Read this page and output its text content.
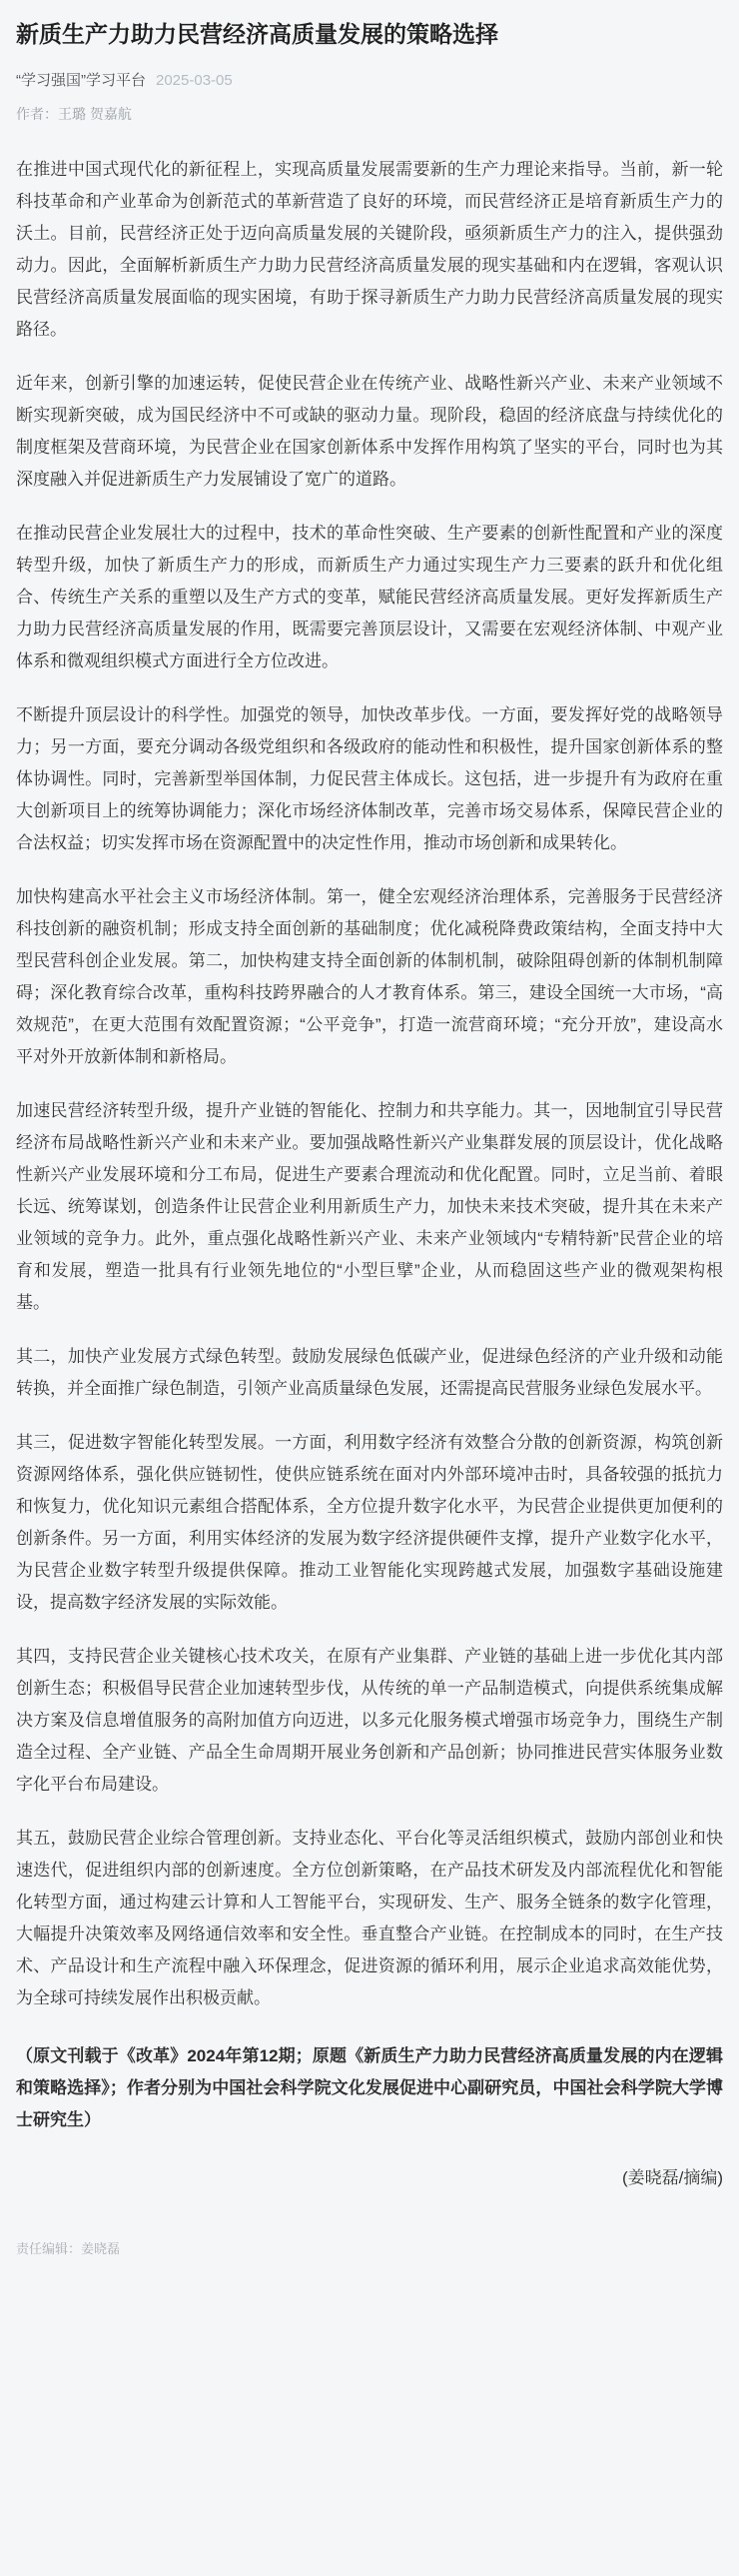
新质生产力助力民营经济高质量发展的策略选择
“学习强国”学习平台 2025-03-05
作者：王璐 贺嘉航

在推进中国式现代化的新征程上，实现高质量发展需要新的生产力理论来指导。当前，新一轮科技革命和产业革命为创新范式的革新营造了良好的环境，而民营经济正是培育新质生产力的沃土。目前，民营经济正处于迈向高质量发展的关键阶段，亟须新质生产力的注入，提供强劲动力。因此，全面解析新质生产力助力民营经济高质量发展的现实基础和内在逻辑，客观认识民营经济高质量发展面临的现实困境，有助于探寻新质生产力助力民营经济高质量发展的现实路径。

近年来，创新引擎的加速运转，促使民营企业在传统产业、战略性新兴产业、未来产业领域不断实现新突破，成为国民经济中不可或缺的驱动力量。现阶段，稳固的经济底盘与持续优化的制度框架及营商环境，为民营企业在国家创新体系中发挥作用构筑了坚实的平台，同时也为其深度融入并促进新质生产力发展铺设了宽广的道路。

在推动民营企业发展壮大的过程中，技术的革命性突破、生产要素的创新性配置和产业的深度转型升级，加快了新质生产力的形成，而新质生产力通过实现生产力三要素的跃升和优化组合、传统生产关系的重塑以及生产方式的变革，赋能民营经济高质量发展。更好发挥新质生产力助力民营经济高质量发展的作用，既需要完善顶层设计，又需要在宏观经济体制、中观产业体系和微观组织模式方面进行全方位改进。

不断提升顶层设计的科学性。加强党的领导，加快改革步伐。一方面，要发挥好党的战略领导力；另一方面，要充分调动各级党组织和各级政府的能动性和积极性，提升国家创新体系的整体协调性。同时，完善新型举国体制，力促民营主体成长。这包括，进一步提升有为政府在重大创新项目上的统筹协调能力；深化市场经济体制改革，完善市场交易体系，保障民营企业的合法权益；切实发挥市场在资源配置中的决定性作用，推动市场创新和成果转化。

加快构建高水平社会主义市场经济体制。第一，健全宏观经济治理体系，完善服务于民营经济科技创新的融资机制；形成支持全面创新的基础制度；优化减税降费政策结构，全面支持中大型民营科创企业发展。第二，加快构建支持全面创新的体制机制，破除阻碍创新的体制机制障碍；深化教育综合改革，重构科技跨界融合的人才教育体系。第三，建设全国统一大市场，“高效规范”，在更大范围有效配置资源；“公平竞争”，打造一流营商环境；“充分开放”，建设高水平对外开放新体制和新格局。

加速民营经济转型升级，提升产业链的智能化、控制力和共享能力。其一，因地制宜引导民营经济布局战略性新兴产业和未来产业。要加强战略性新兴产业集群发展的顶层设计，优化战略性新兴产业发展环境和分工布局，促进生产要素合理流动和优化配置。同时，立足当前、着眼长远、统筹谋划，创造条件让民营企业利用新质生产力，加快未来技术突破，提升其在未来产业领域的竞争力。此外，重点强化战略性新兴产业、未来产业领域内“专精特新”民营企业的培育和发展，塑造一批具有行业领先地位的“小型巨擘”企业，从而稳固这些产业的微观架构根基。

其二，加快产业发展方式绿色转型。鼓励发展绿色低碳产业，促进绿色经济的产业升级和动能转换，并全面推广绿色制造，引领产业高质量绿色发展，还需提高民营服务业绿色发展水平。

其三，促进数字智能化转型发展。一方面，利用数字经济有效整合分散的创新资源，构筑创新资源网络体系，强化供应链韧性，使供应链系统在面对内外部环境冲击时，具备较强的抵抗力和恢复力，优化知识元素组合搭配体系，全方位提升数字化水平，为民营企业提供更加便利的创新条件。另一方面，利用实体经济的发展为数字经济提供硬件支撑，提升产业数字化水平，为民营企业数字转型升级提供保障。推动工业智能化实现跨越式发展，加强数字基础设施建设，提高数字经济发展的实际效能。

其四，支持民营企业关键核心技术攻关，在原有产业集群、产业链的基础上进一步优化其内部创新生态；积极倡导民营企业加速转型步伐，从传统的单一产品制造模式，向提供系统集成解决方案及信息增值服务的高附加值方向迈进，以多元化服务模式增强市场竞争力，围绕生产制造全过程、全产业链、产品全生命周期开展业务创新和产品创新；协同推进民营实体服务业数字化平台布局建设。

其五，鼓励民营企业综合管理创新。支持业态化、平台化等灵活组织模式，鼓励内部创业和快速迭代，促进组织内部的创新速度。全方位创新策略，在产品技术研发及内部流程优化和智能化转型方面，通过构建云计算和人工智能平台，实现研发、生产、服务全链条的数字化管理，大幅提升决策效率及网络通信效率和安全性。垂直整合产业链。在控制成本的同时，在生产技术、产品设计和生产流程中融入环保理念，促进资源的循环利用，展示企业追求高效能优势，为全球可持续发展作出积极贡献。

（原文刊载于《改革》2024年第12期；原题《新质生产力助力民营经济高质量发展的内在逻辑和策略选择》；作者分别为中国社会科学院文化发展促进中心副研究员，中国社会科学院大学博士研究生）

(姜晓磊/摘编)

责任编辑：姜晓磊
